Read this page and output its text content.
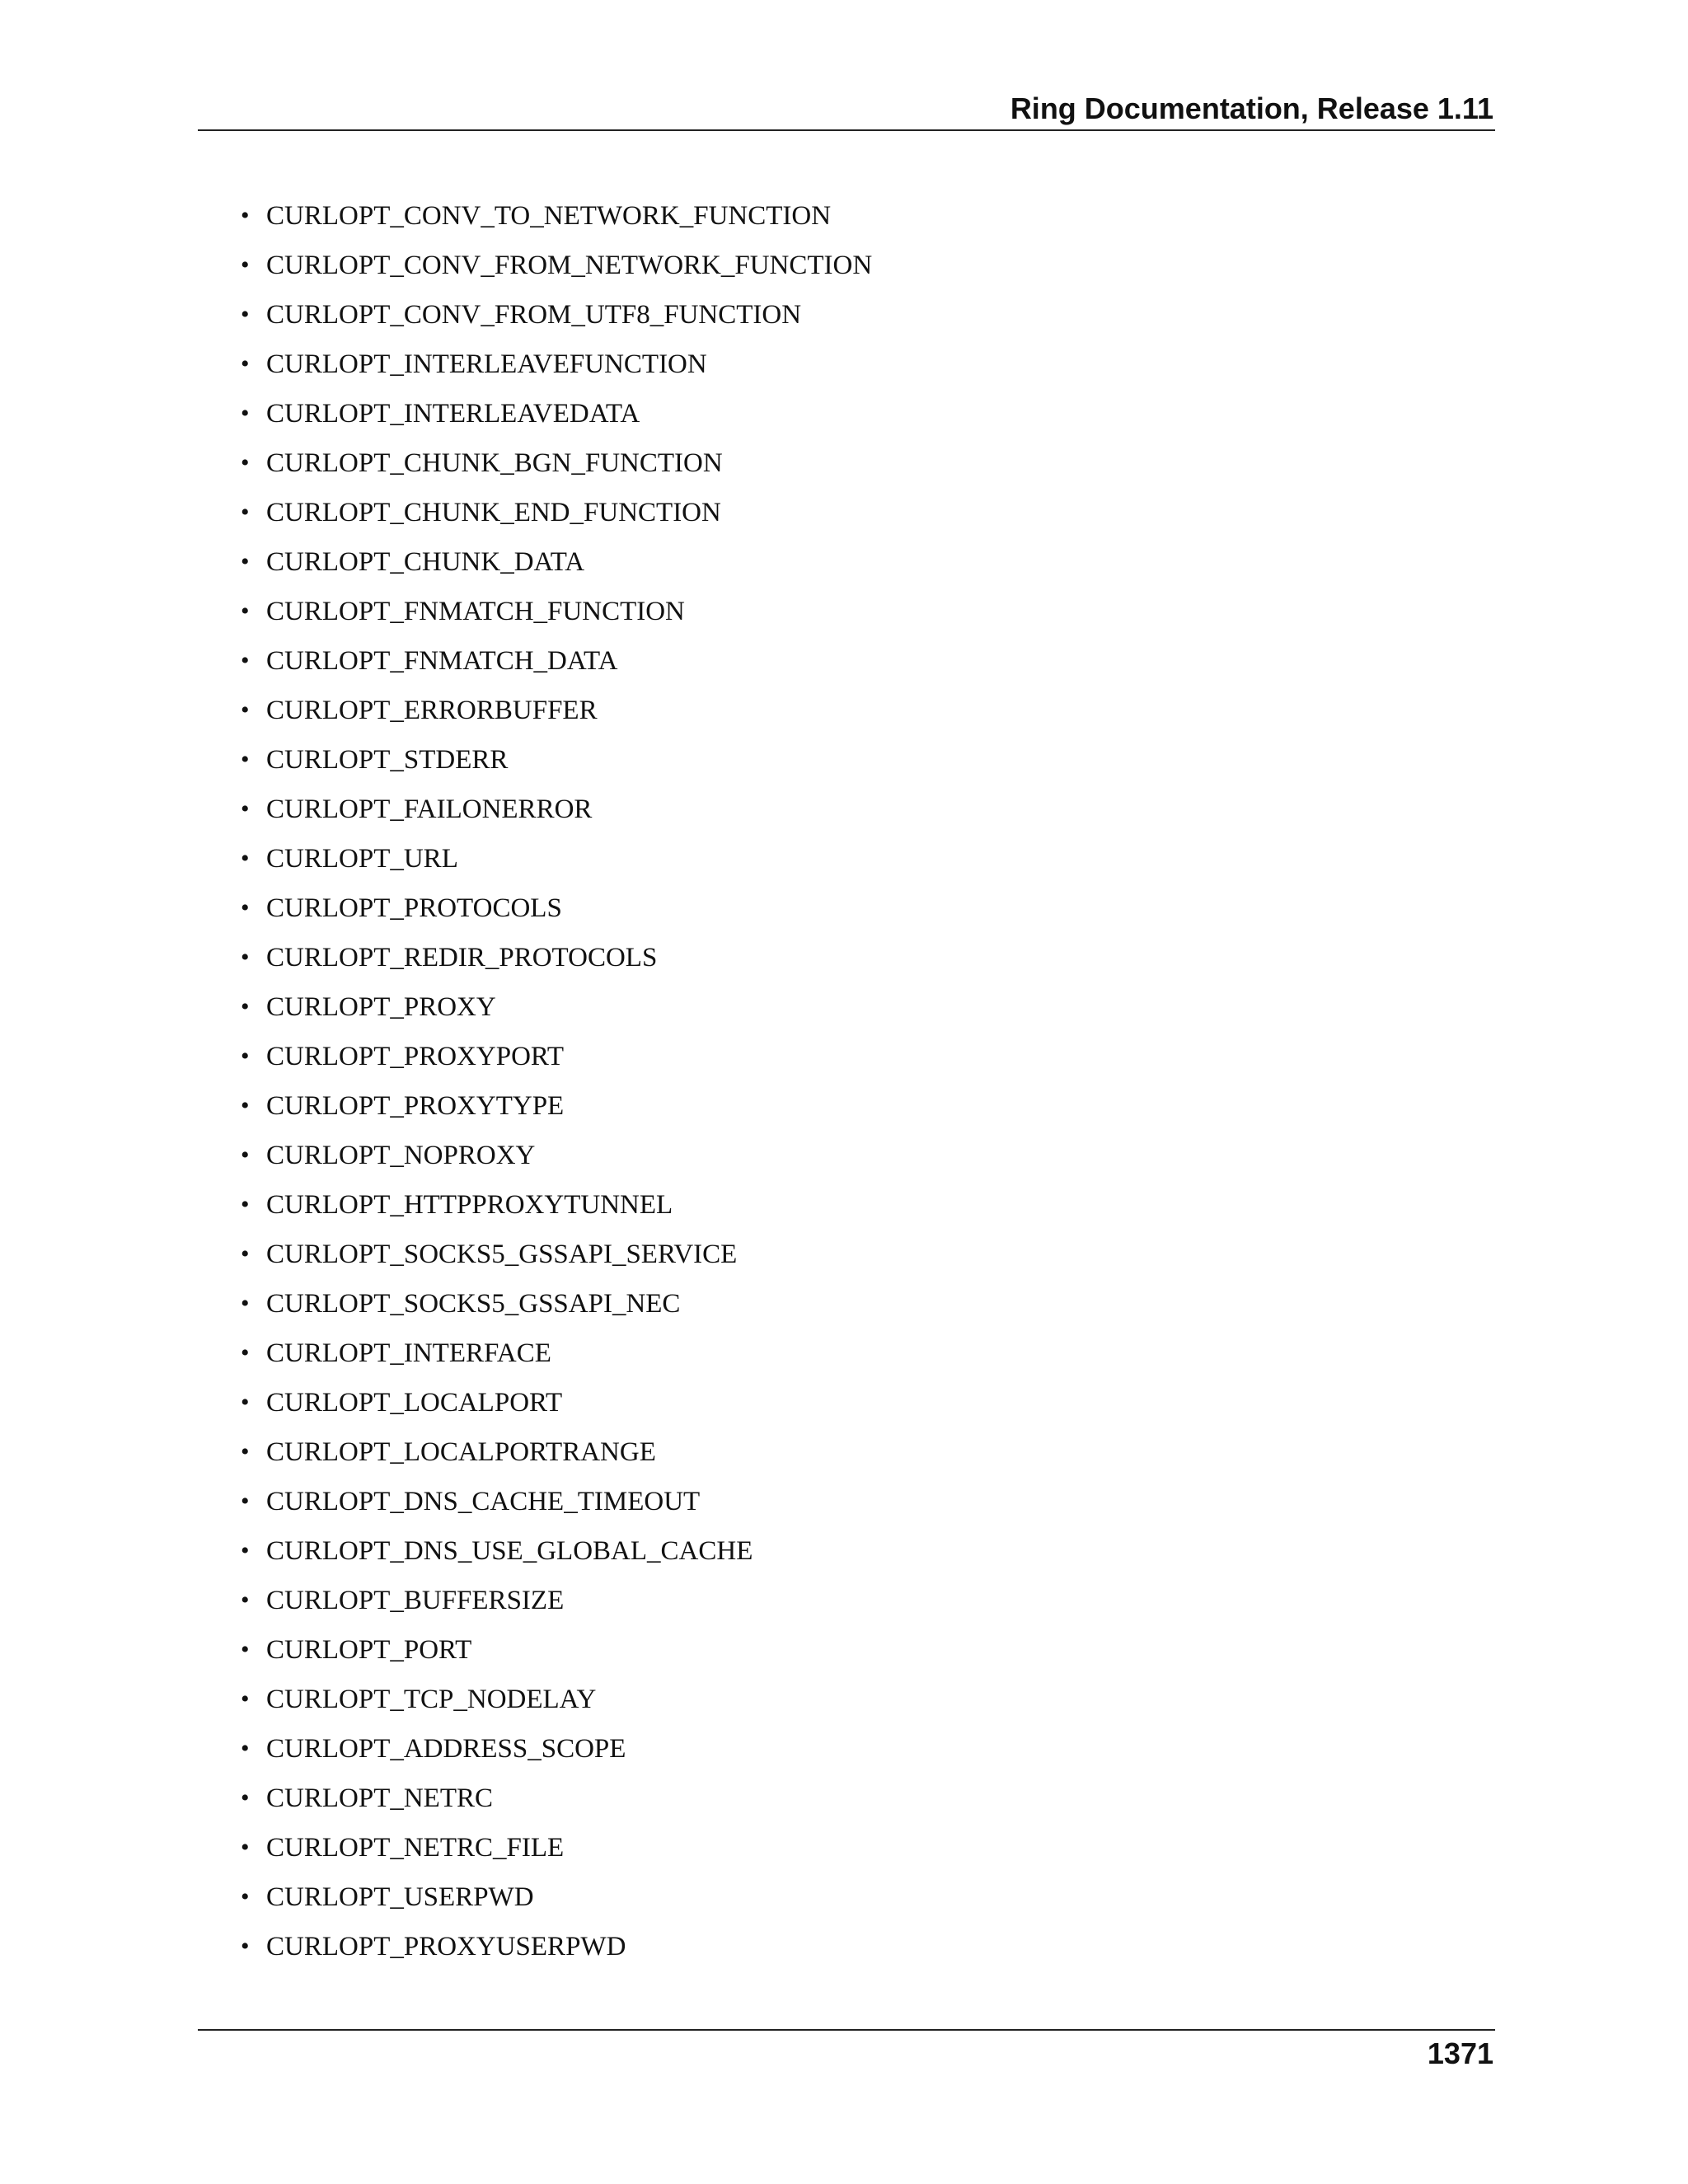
Ring Documentation, Release 1.11
• CURLOPT_CONV_TO_NETWORK_FUNCTION
• CURLOPT_CONV_FROM_NETWORK_FUNCTION
• CURLOPT_CONV_FROM_UTF8_FUNCTION
• CURLOPT_INTERLEAVEFUNCTION
• CURLOPT_INTERLEAVEDATA
• CURLOPT_CHUNK_BGN_FUNCTION
• CURLOPT_CHUNK_END_FUNCTION
• CURLOPT_CHUNK_DATA
• CURLOPT_FNMATCH_FUNCTION
• CURLOPT_FNMATCH_DATA
• CURLOPT_ERRORBUFFER
• CURLOPT_STDERR
• CURLOPT_FAILONERROR
• CURLOPT_URL
• CURLOPT_PROTOCOLS
• CURLOPT_REDIR_PROTOCOLS
• CURLOPT_PROXY
• CURLOPT_PROXYPORT
• CURLOPT_PROXYTYPE
• CURLOPT_NOPROXY
• CURLOPT_HTTPPROXYTUNNEL
• CURLOPT_SOCKS5_GSSAPI_SERVICE
• CURLOPT_SOCKS5_GSSAPI_NEC
• CURLOPT_INTERFACE
• CURLOPT_LOCALPORT
• CURLOPT_LOCALPORTRANGE
• CURLOPT_DNS_CACHE_TIMEOUT
• CURLOPT_DNS_USE_GLOBAL_CACHE
• CURLOPT_BUFFERSIZE
• CURLOPT_PORT
• CURLOPT_TCP_NODELAY
• CURLOPT_ADDRESS_SCOPE
• CURLOPT_NETRC
• CURLOPT_NETRC_FILE
• CURLOPT_USERPWD
• CURLOPT_PROXYUSERPWD
1371
